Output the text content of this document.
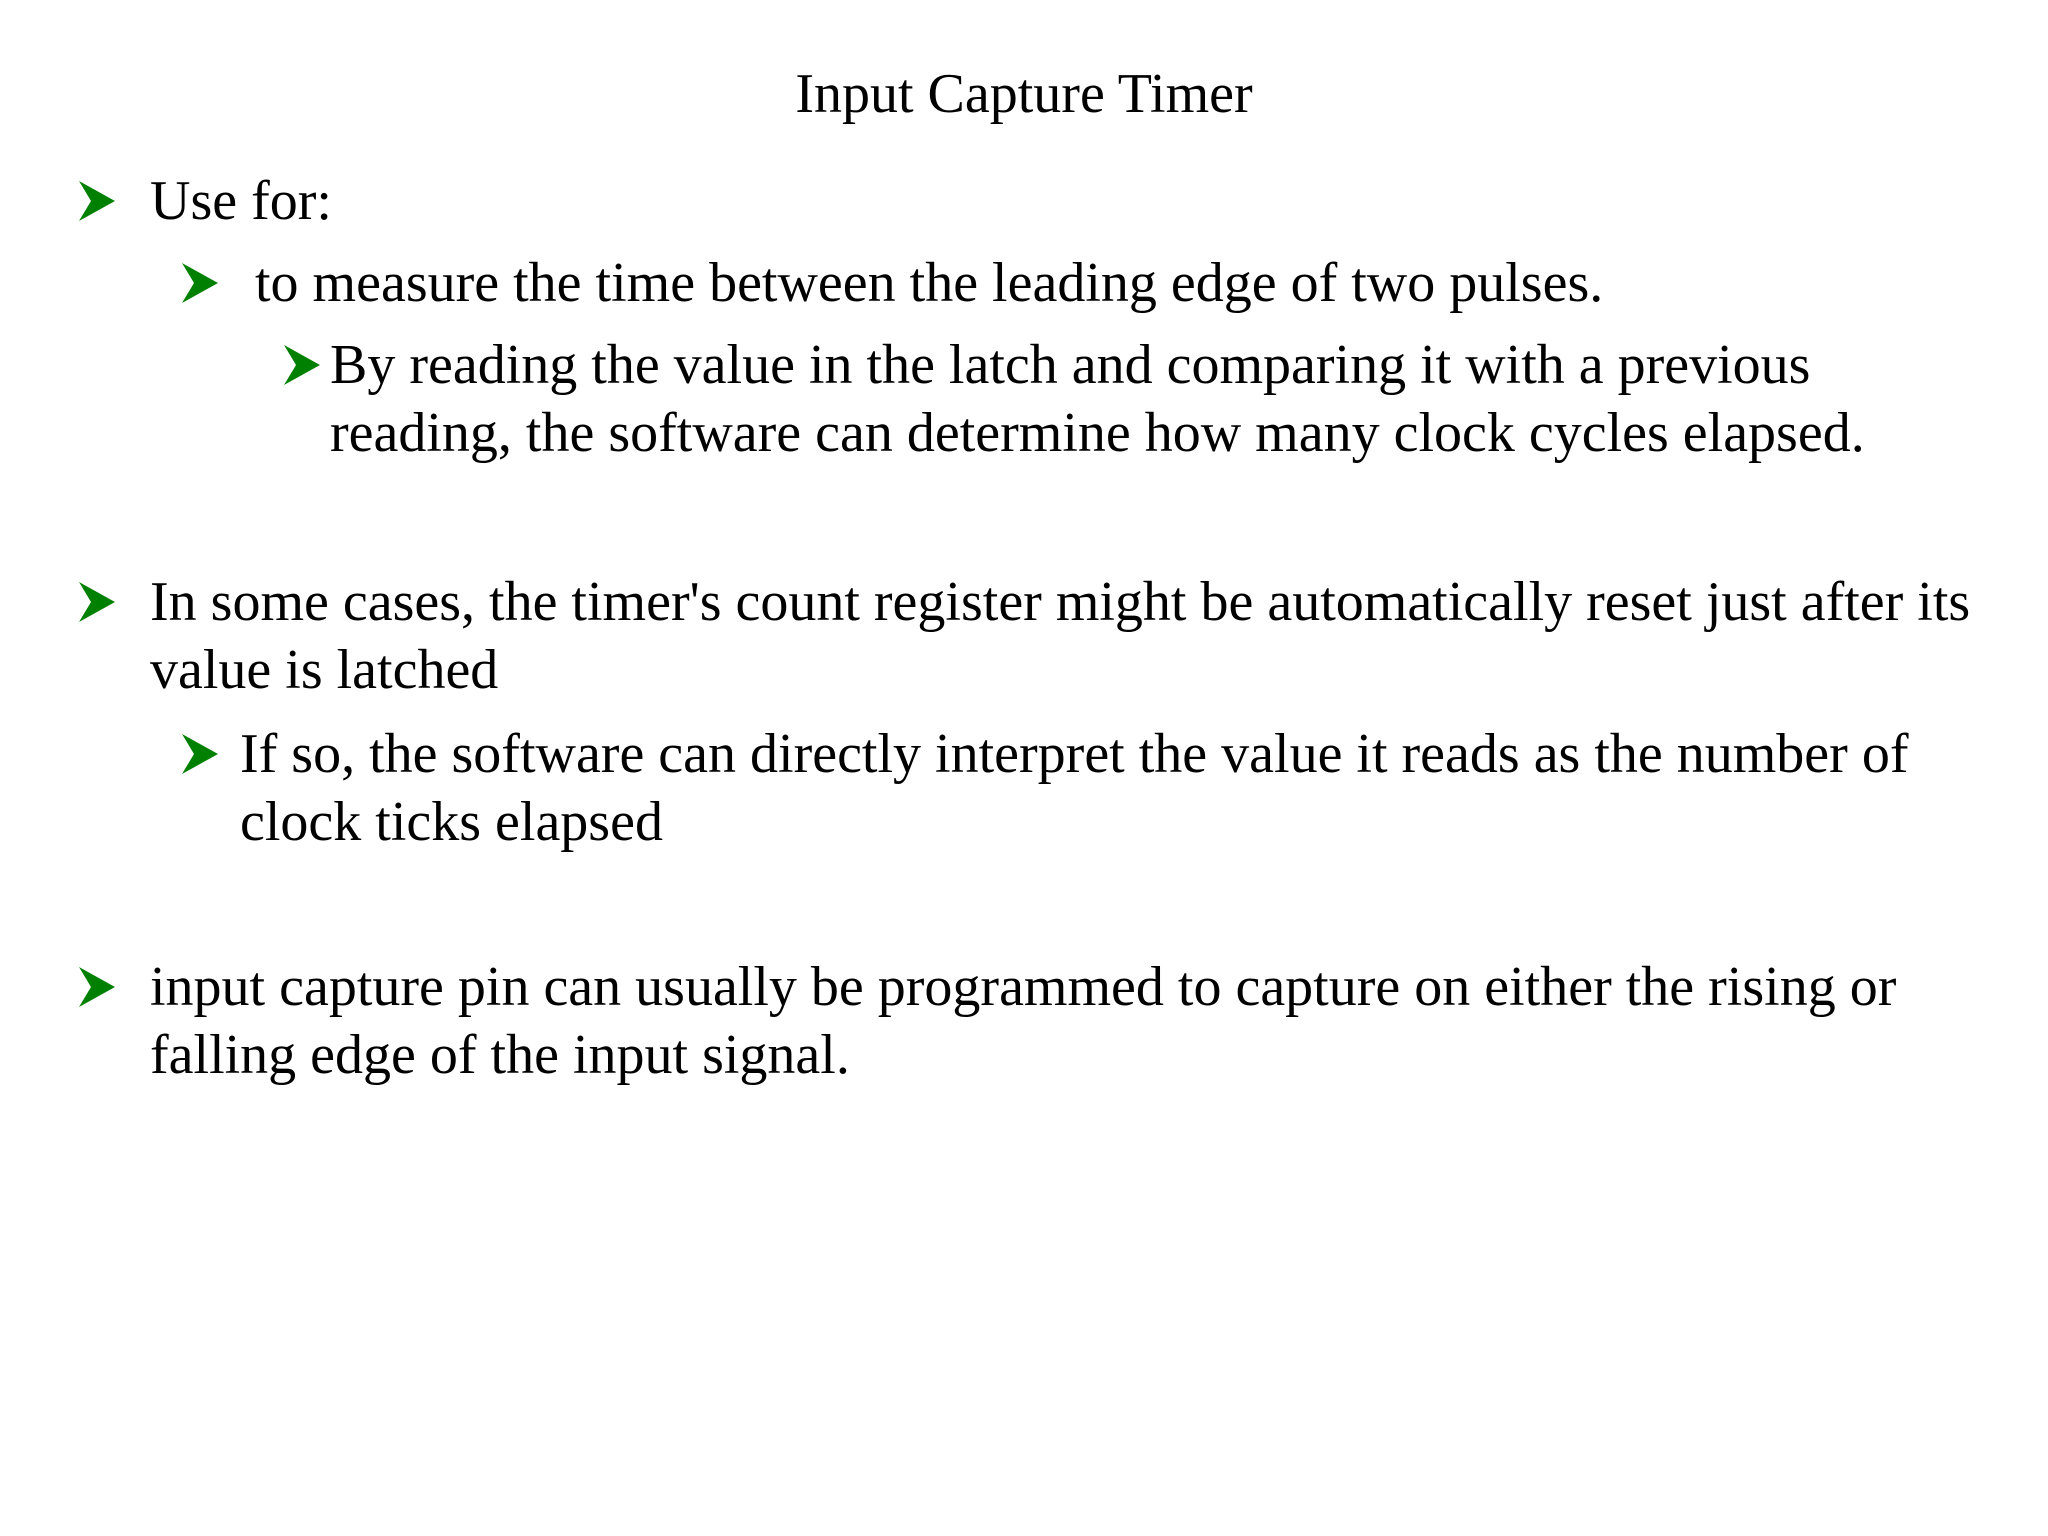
Input Capture Timer
Use for:
to measure the time between the leading edge of two pulses.
By reading the value in the latch and comparing it with a previous reading, the software can determine how many clock cycles elapsed.
In some cases, the timer's count register might be automatically reset just after its value is latched
If so, the software can directly interpret the value it reads as the number of clock ticks elapsed
input capture pin can usually be programmed to capture on either the rising or falling edge of the input signal.
